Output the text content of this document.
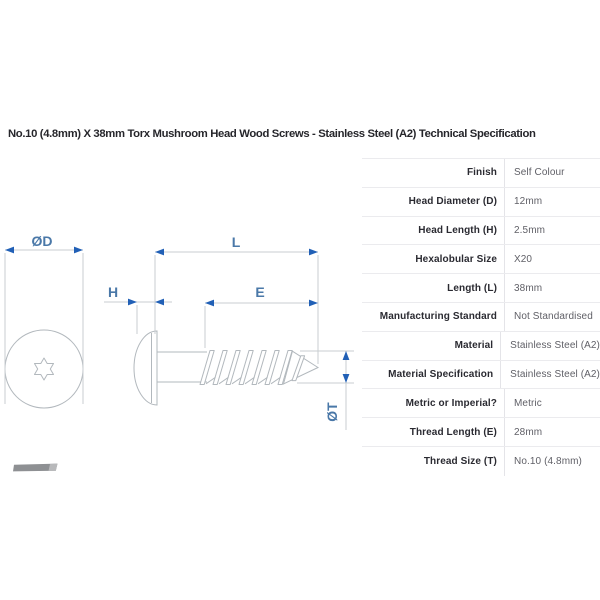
No.10 (4.8mm) X 38mm Torx Mushroom Head Wood Screws - Stainless Steel (A2) Technical Specification
ØD	L
E
H
ØT
Finish	Self Colour
Head Diameter (D)	12mm
Head Length (H)	2.5mm
Hexalobular Size	X20
Length (L)	38mm
Manufacturing Standard	Not Standardised
Material	Stainless Steel (A2)
Material Specification	Stainless Steel (A2)
Metric or Imperial?	Metric
Thread Length (E)	28mm
Thread Size (T)	No.10 (4.8mm)
